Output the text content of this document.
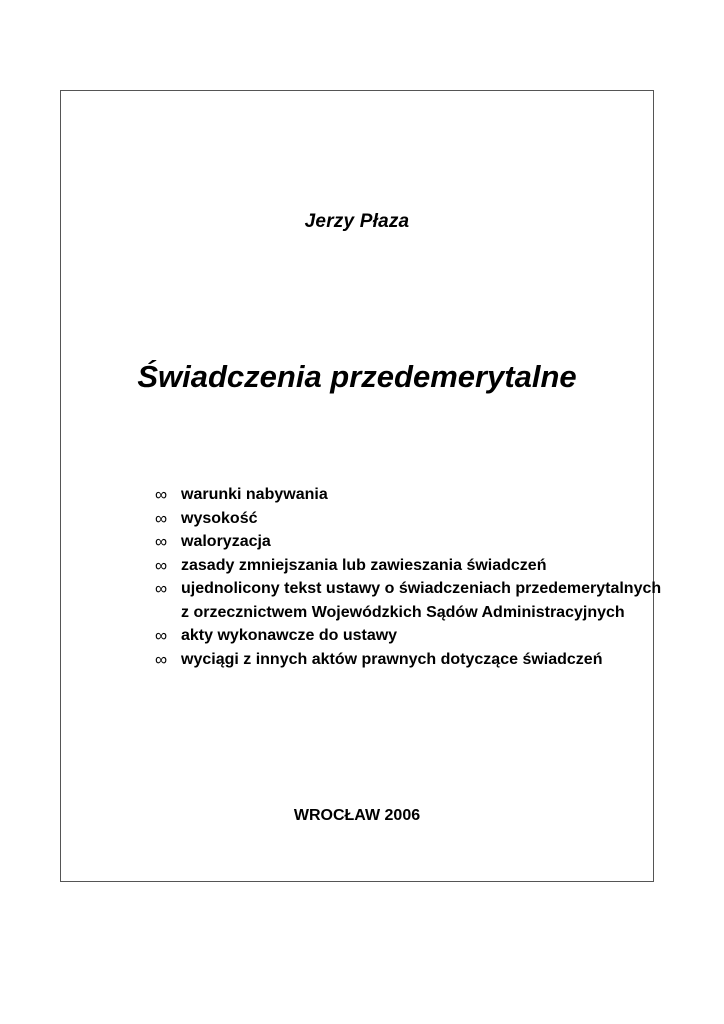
Jerzy Płaza
Świadczenia przedemerytalne
∞ warunki nabywania
∞ wysokość
∞ waloryzacja
∞ zasady zmniejszania lub zawieszania świadczeń
∞ ujednolicony tekst ustawy o świadczeniach przedemerytalnych
z orzecznictwem Wojewódzkich Sądów Administracyjnych
∞ akty wykonawcze do ustawy
∞ wyciągi z innych aktów prawnych dotyczące świadczeń
WROCŁAW 2006
